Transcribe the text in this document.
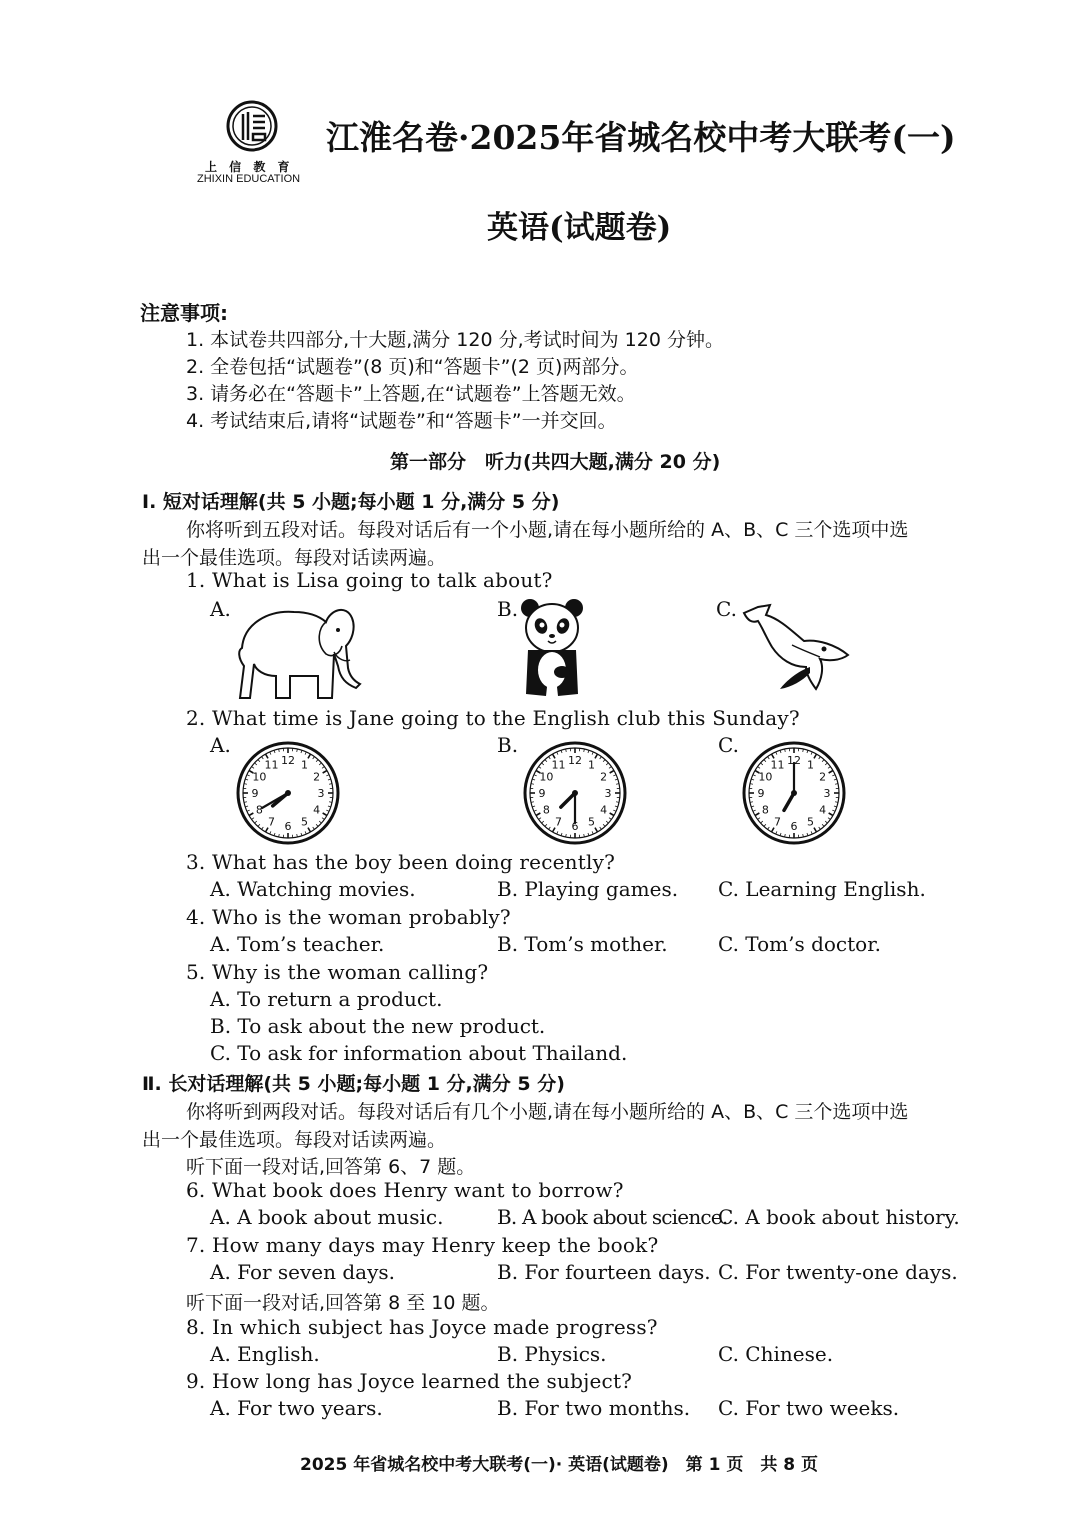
上 信 教 育
ZHIXIN EDUCATION
江淮名卷·2025年省城名校中考大联考(一)
英语(试题卷)
注意事项:
1. 本试卷共四部分,十大题,满分 120 分,考试时间为 120 分钟。
2. 全卷包括“试题卷”(8 页)和“答题卡”(2 页)两部分。
3. 请务必在“答题卡”上答题,在“试题卷”上答题无效。
4. 考试结束后,请将“试题卷”和“答题卡”一并交回。
第一部分　听力(共四大题,满分 20 分)
Ⅰ. 短对话理解(共 5 小题;每小题 1 分,满分 5 分)
你将听到五段对话。每段对话后有一个小题,请在每小题所给的 A、B、C 三个选项中选
出一个最佳选项。每段对话读两遍。
1. What is Lisa going to talk about?
A.	B.	C.
2. What time is Jane going to the English club this Sunday?
A.	B.	C.
12 1
2
3
4
5
6
7
8
9
10
11	12 1
2
3
4
5
6
7
8
9
10
11	12 1
2
3
4
5
6
7
8
9
10
11
3. What has the boy been doing recently?
A. Watching movies.	B. Playing games. C. Learning English.
4. Who is the woman probably?
A. Tom’s teacher.	B. Tom’s mother.	C. Tom’s doctor.
5. Why is the woman calling?
A. To return a product.
B. To ask about the new product.
C. To ask for information about Thailand.
Ⅱ. 长对话理解(共 5 小题;每小题 1 分,满分 5 分)
你将听到两段对话。每段对话后有几个小题,请在每小题所给的 A、B、C 三个选项中选
出一个最佳选项。每段对话读两遍。
听下面一段对话,回答第 6、7 题。
6. What book does Henry want to borrow?
A. A book about music.	B. A book about science.
C. A book about history.
7. How many days may Henry keep the book?
A. For seven days.	B. For fourteen days. C. For twenty-one days.
听下面一段对话,回答第 8 至 10 题。
8. In which subject has Joyce made progress?
A. English.	B. Physics.	C. Chinese.
9. How long has Joyce learned the subject?
A. For two years.	B. For two months. C. For two weeks.
2025 年省城名校中考大联考(一)· 英语(试题卷)　第 1 页　共 8 页
